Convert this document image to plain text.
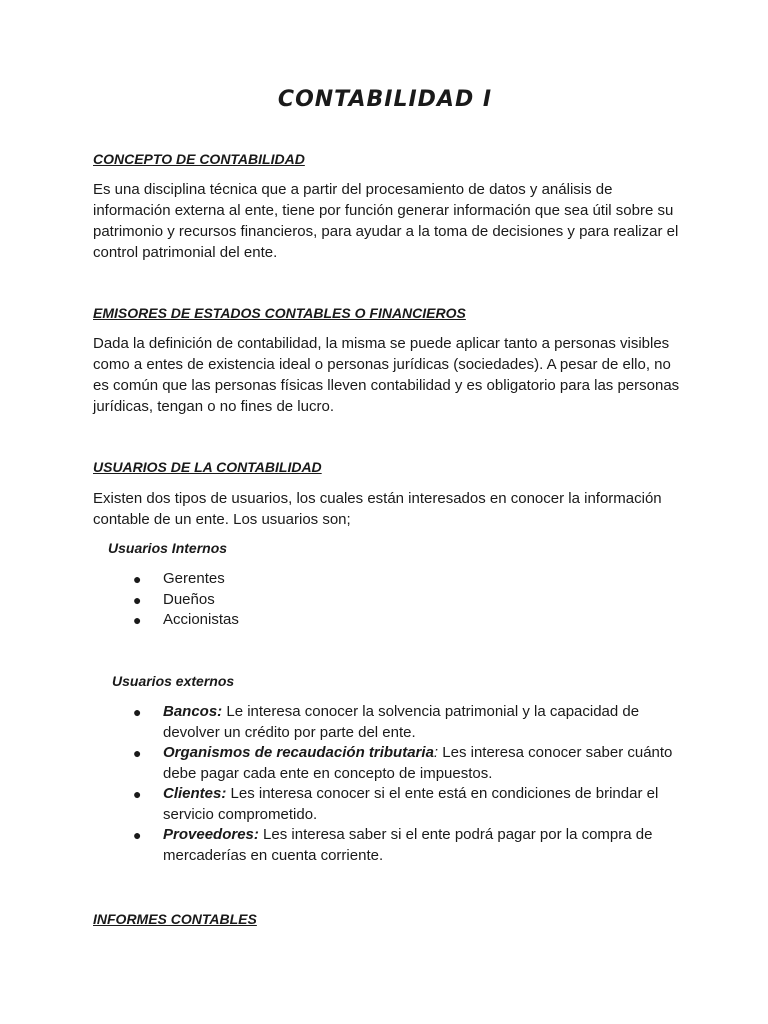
CONTABILIDAD I
CONCEPTO DE CONTABILIDAD

Es una disciplina técnica que a partir del procesamiento de datos y análisis de información externa al ente, tiene por función generar información que sea útil sobre su patrimonio y recursos financieros, para ayudar a la toma de decisiones y para realizar el control patrimonial del ente.

EMISORES DE ESTADOS CONTABLES O FINANCIEROS

Dada la definición de contabilidad, la misma se puede aplicar tanto a personas visibles como a entes de existencia ideal o personas jurídicas (sociedades). A pesar de ello, no es común que las personas físicas lleven contabilidad y es obligatorio para las personas jurídicas, tengan o no fines de lucro.

USUARIOS DE LA CONTABILIDAD

Existen dos tipos de usuarios, los cuales están interesados en conocer la información contable de un ente. Los usuarios son;

Usuarios Internos
● Gerentes
● Dueños
● Accionistas
Usuarios externos
● Bancos: Le interesa conocer la solvencia patrimonial y la capacidad de devolver un crédito por parte del ente.
● Organismos de recaudación tributaria: Les interesa conocer saber cuánto debe pagar cada ente en concepto de impuestos.
● Clientes: Les interesa conocer si el ente está en condiciones de brindar el servicio comprometido.
● Proveedores: Les interesa saber si el ente podrá pagar por la compra de mercaderías en cuenta corriente.
INFORMES CONTABLES
